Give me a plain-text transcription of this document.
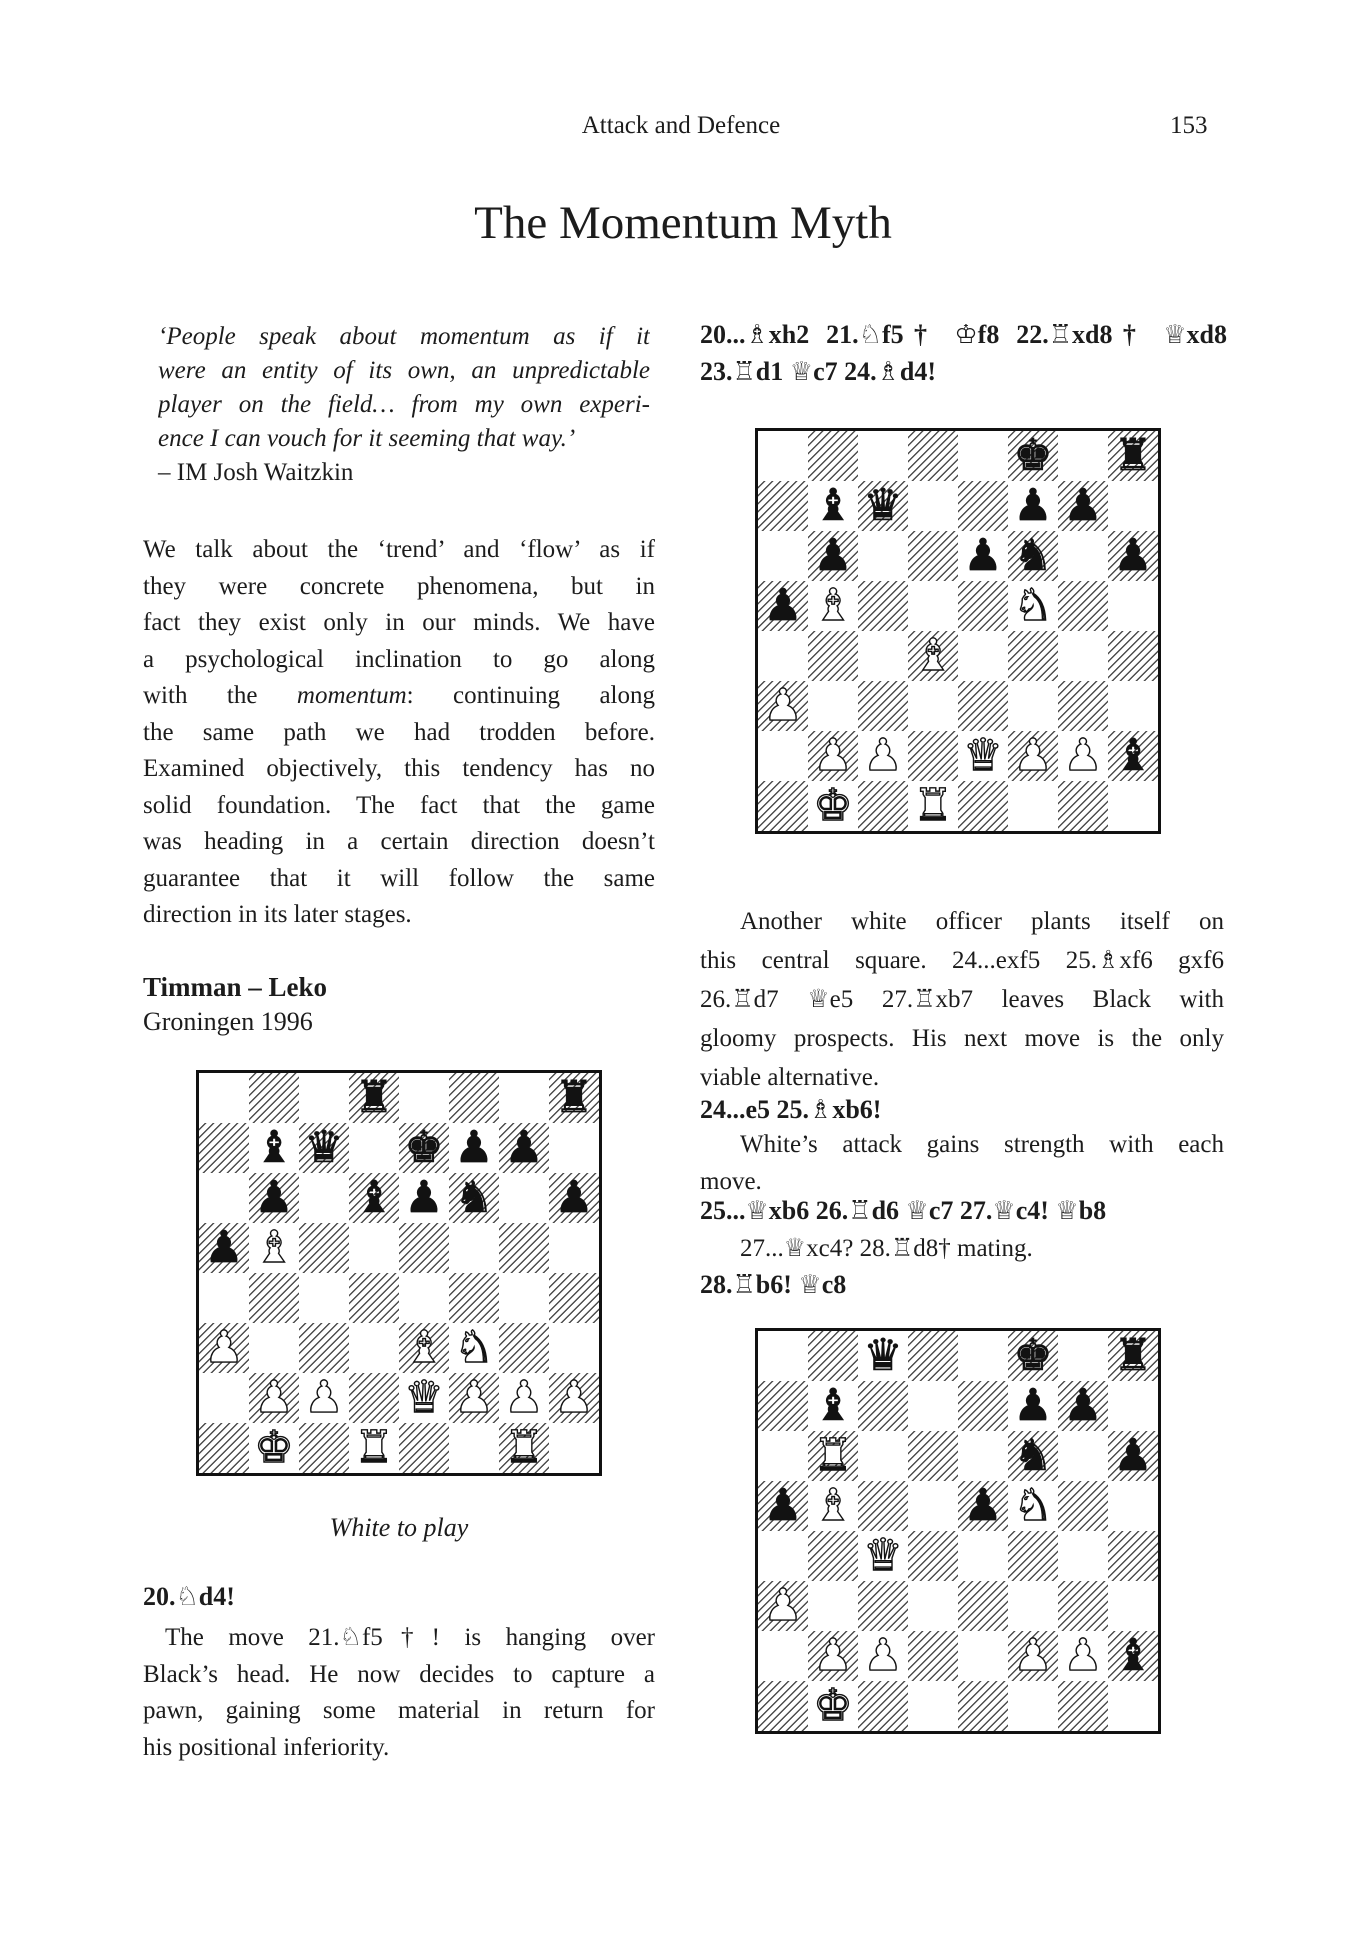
Attack and Defence	153
The Momentum Myth
‘People speak about momentum as if it
were an entity of its own, an unpredictable
player on the field… from my own experi-
ence I can vouch for it seeming that way.’
– IM Josh Waitzkin
We talk about the ‘trend’ and ‘flow’ as if
they were concrete phenomena, but in
fact they exist only in our minds. We have
a psychological inclination to go along
with the momentum: continuing along
the same path we had trodden before.
Examined objectively, this tendency has no
solid foundation. The fact that the game
was heading in a certain direction doesn’t
guarantee that it will follow the same
direction in its later stages.
Timman – Leko
Groningen 1996
♜	♜
♝ ♛ ♚ ♟ ♟
♟ ♝ ♟ ♞ ♟
♟ ♝
♟	♝ ♞
♟ ♟ ♛ ♟ ♟ ♟
♚ ♜	♜
White to play
20.♘d4!
The move 21.♘f5†! is hanging over
Black’s head. He now decides to capture a
pawn, gaining some material in return for
his positional inferiority.
20...♗xh2 21.♘f5† ♔f8 22.♖xd8† ♕xd8
23.♖d1 ♕c7 24.♗d4!
♚ ♜
♝ ♛	♟ ♟
♟	♟ ♞ ♟
♟ ♝	♞
♝
♟
♟ ♟ ♛ ♟ ♟ ♝
♚ ♜
Another white officer plants itself on
this central square. 24...exf5 25.♗xf6 gxf6
26.♖d7 ♕e5 27.♖xb7 leaves Black with
gloomy prospects. His next move is the only
viable alternative.
24...e5 25.♗xb6!
White’s attack gains strength with each
move.
25...♕xb6 26.♖d6 ♕c7 27.♕c4! ♕b8
27...♕xc4? 28.♖d8† mating.
28.♖b6! ♕c8
♛	♚ ♜
♝	♟ ♟
♜	♞ ♟
♟ ♝	♟ ♞
♛
♟
♟ ♟	♟ ♟ ♝
♚
